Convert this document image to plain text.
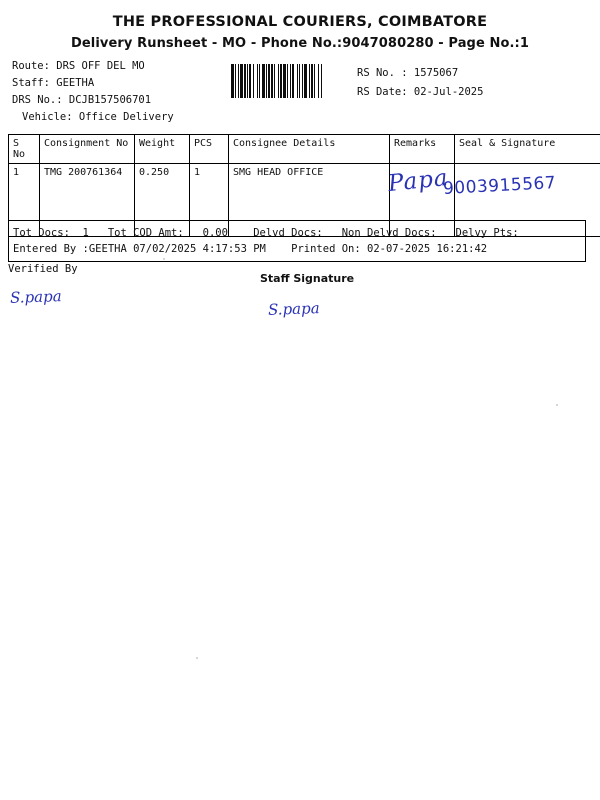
THE PROFESSIONAL COURIERS, COIMBATORE
Delivery Runsheet - MO - Phone No.:9047080280 - Page No.:1
Route: DRS OFF DEL MO
Staff: GEETHA
DRS No.: DCJB157506701
Vehicle: Office Delivery
RS No. : 1575067
RS Date: 02-Jul-2025
S No	Consignment No	Weight	PCS	Consignee Details	Remarks	Seal & Signature
1	TMG 200761364	0.250	1	SMG HEAD OFFICE		
Tot Docs:  1   Tot COD Amt:   0.00    Delvd Docs:   Non Delvd Docs:   Delvy Pts:
Entered By :GEETHA 07/02/2025 4:17:53 PM    Printed On: 02-07-2025 16:21:42
Verified By
Staff Signature
Papa
9003915567
S.papa
S.papa
